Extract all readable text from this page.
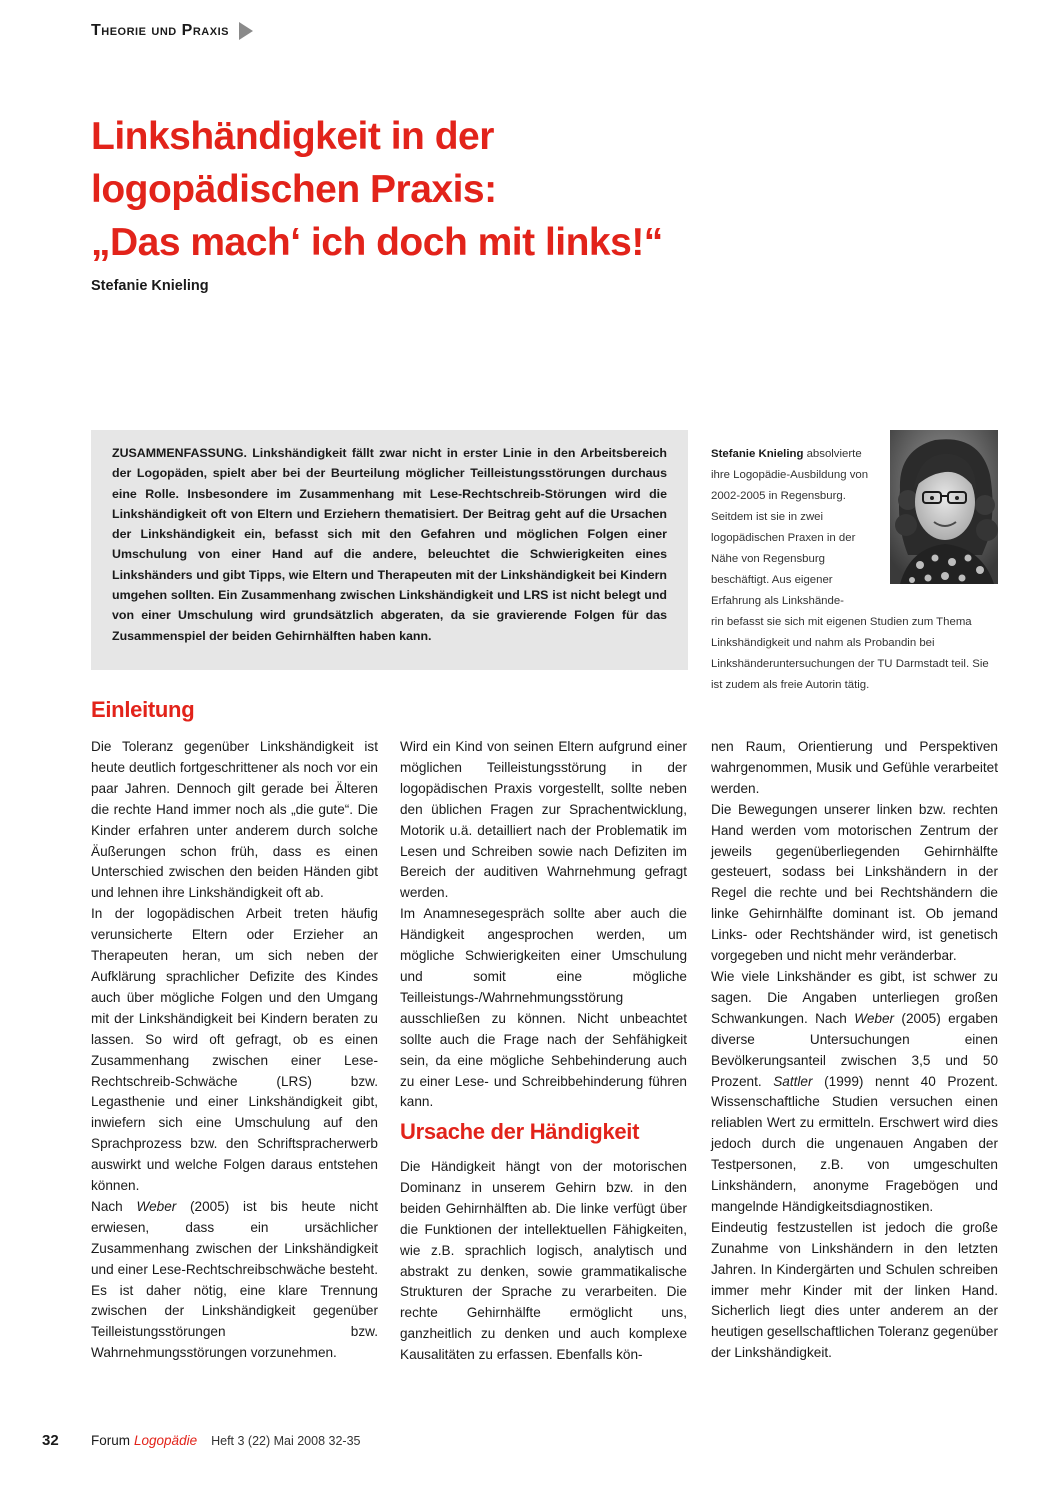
Theorie und Praxis
Linkshändigkeit in der
logopädischen Praxis:
„Das mach‘ ich doch mit links!“
Stefanie Knieling

ZUSAMMENFASSUNG. Linkshändigkeit fällt zwar nicht in erster Linie in den Arbeitsbereich der Logopäden, spielt aber bei der Beurteilung möglicher Teilleistungsstörungen durchaus eine Rolle. Insbesondere im Zusammenhang mit Lese-Rechtschreib-Störungen wird die Linkshändigkeit oft von Eltern und Erziehern thematisiert. Der Beitrag geht auf die Ursachen der Linkshändigkeit ein, befasst sich mit den Gefahren und möglichen Folgen einer Umschulung von einer Hand auf die andere, beleuchtet die Schwierigkeiten eines Linkshänders und gibt Tipps, wie Eltern und Therapeuten mit der Linkshändigkeit bei Kindern umgehen sollten. Ein Zusammenhang zwischen Linkshändigkeit und LRS ist nicht belegt und von einer Umschulung wird grundsätzlich abgeraten, da sie gravierende Folgen für das Zusammenspiel der beiden Gehirnhälften haben kann.

Stefanie Knieling absolvierte ihre Logopädie-Ausbildung von 2002-2005 in Regensburg. Seitdem ist sie in zwei logopädischen Praxen in der Nähe von Regensburg beschäftigt. Aus eigener Erfahrung als Linkshände-
rin befasst sie sich mit eigenen Studien zum Thema Linkshändigkeit und nahm als Probandin bei Linkshänderuntersuchungen der TU Darmstadt teil. Sie ist zudem als freie Autorin tätig.
Einleitung

Die Toleranz gegenüber Linkshändigkeit ist heute deutlich fortgeschrittener als noch vor ein paar Jahren. Dennoch gilt gerade bei Älteren die rechte Hand immer noch als „die gute“. Die Kinder erfahren unter anderem durch solche Äußerungen schon früh, dass es einen Unterschied zwischen den beiden Händen gibt und lehnen ihre Linkshändigkeit oft ab.

In der logopädischen Arbeit treten häufig verunsicherte Eltern oder Erzieher an Therapeuten heran, um sich neben der Aufklärung sprachlicher Defizite des Kindes auch über mögliche Folgen und den Umgang mit der Linkshändigkeit bei Kindern beraten zu lassen. So wird oft gefragt, ob es einen Zusammenhang zwischen einer Lese-Rechtschreib-Schwäche (LRS) bzw. Legasthenie und einer Linkshändigkeit gibt, inwiefern sich eine Umschulung auf den Sprachprozess bzw. den Schriftspracherwerb auswirkt und welche Folgen daraus entstehen können.

Nach Weber (2005) ist bis heute nicht erwiesen, dass ein ursächlicher Zusammenhang zwischen der Linkshändigkeit und einer Lese-Rechtschreibschwäche besteht. Es ist daher nötig, eine klare Trennung zwischen der Linkshändigkeit gegenüber Teilleistungsstörungen bzw. Wahrnehmungsstörungen vorzunehmen.

Wird ein Kind von seinen Eltern aufgrund einer möglichen Teilleistungsstörung in der logopädischen Praxis vorgestellt, sollte neben den üblichen Fragen zur Sprachentwicklung, Motorik u.ä. detailliert nach der Problematik im Lesen und Schreiben sowie nach Defiziten im Bereich der auditiven Wahrnehmung gefragt werden.

Im Anamnesegespräch sollte aber auch die Händigkeit angesprochen werden, um mögliche Schwierigkeiten einer Umschulung und somit eine mögliche Teilleistungs-/Wahrnehmungsstörung ausschließen zu können. Nicht unbeachtet sollte auch die Frage nach der Sehfähigkeit sein, da eine mögliche Sehbehinderung auch zu einer Lese- und Schreibbehinderung führen kann.

Ursache der Händigkeit

Die Händigkeit hängt von der motorischen Dominanz in unserem Gehirn bzw. in den beiden Gehirnhälften ab. Die linke verfügt über die Funktionen der intellektuellen Fähigkeiten, wie z.B. sprachlich logisch, analytisch und abstrakt zu denken, sowie grammatikalische Strukturen der Sprache zu verarbeiten. Die rechte Gehirnhälfte ermöglicht uns, ganzheitlich zu denken und auch komplexe Kausalitäten zu erfassen. Ebenfalls kön-

nen Raum, Orientierung und Perspektiven wahrgenommen, Musik und Gefühle verarbeitet werden.

Die Bewegungen unserer linken bzw. rechten Hand werden vom motorischen Zentrum der jeweils gegenüberliegenden Gehirnhälfte gesteuert, sodass bei Linkshändern in der Regel die rechte und bei Rechtshändern die linke Gehirnhälfte dominant ist. Ob jemand Links- oder Rechtshänder wird, ist genetisch vorgegeben und nicht mehr veränderbar.

Wie viele Linkshänder es gibt, ist schwer zu sagen. Die Angaben unterliegen großen Schwankungen. Nach Weber (2005) ergaben diverse Untersuchungen einen Bevölkerungsanteil zwischen 3,5 und 50 Prozent. Sattler (1999) nennt 40 Prozent. Wissenschaftliche Studien versuchen einen reliablen Wert zu ermitteln. Erschwert wird dies jedoch durch die ungenauen Angaben der Testpersonen, z.B. von umgeschulten Linkshändern, anonyme Fragebögen und mangelnde Händigkeitsdiagnostiken.

Eindeutig festzustellen ist jedoch die große Zunahme von Linkshändern in den letzten Jahren. In Kindergärten und Schulen schreiben immer mehr Kinder mit der linken Hand. Sicherlich liegt dies unter anderem an der heutigen gesellschaftlichen Toleranz gegenüber der Linkshändigkeit.

32	Forum Logopädie Heft 3 (22) Mai 2008 32-35
